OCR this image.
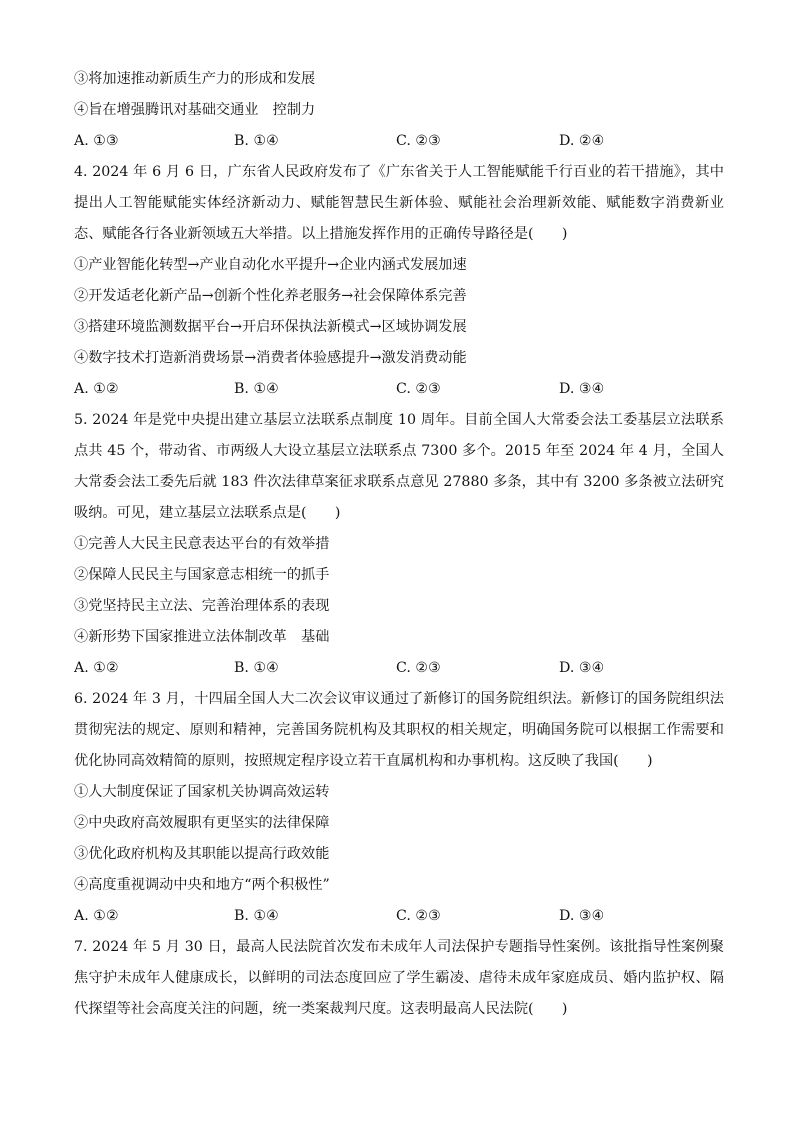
③将加速推动新质生产力的形成和发展
④旨在增强腾讯对基础交通业　控制力
A. ①③	B. ①④	C. ②③	D. ②④
4. 2024 年 6 月 6 日，广东省人民政府发布了《广东省关于人工智能赋能千行百业的若干措施》，其中提出人工智能赋能实体经济新动力、赋能智慧民生新体验、赋能社会治理新效能、赋能数字消费新业态、赋能各行各业新领域五大举措。以上措施发挥作用的正确传导路径是(　　)
①产业智能化转型→产业自动化水平提升→企业内涵式发展加速
②开发适老化新产品→创新个性化养老服务→社会保障体系完善
③搭建环境监测数据平台→开启环保执法新模式→区域协调发展
④数字技术打造新消费场景→消费者体验感提升→激发消费动能
A. ①②	B. ①④	C. ②③	D. ③④
5. 2024 年是党中央提出建立基层立法联系点制度 10 周年。目前全国人大常委会法工委基层立法联系点共 45 个，带动省、市两级人大设立基层立法联系点 7300 多个。2015 年至 2024 年 4 月，全国人大常委会法工委先后就 183 件次法律草案征求联系点意见 27880 多条，其中有 3200 多条被立法研究吸纳。可见，建立基层立法联系点是(　　)
①完善人大民主民意表达平台的有效举措
②保障人民民主与国家意志相统一的抓手
③党坚持民主立法、完善治理体系的表现
④新形势下国家推进立法体制改革　基础
A. ①②	B. ①④	C. ②③	D. ③④
6. 2024 年 3 月，十四届全国人大二次会议审议通过了新修订的国务院组织法。新修订的国务院组织法贯彻宪法的规定、原则和精神，完善国务院机构及其职权的相关规定，明确国务院可以根据工作需要和优化协同高效精简的原则，按照规定程序设立若干直属机构和办事机构。这反映了我国(　　)
①人大制度保证了国家机关协调高效运转
②中央政府高效履职有更坚实的法律保障
③优化政府机构及其职能以提高行政效能
④高度重视调动中央和地方“两个积极性”
A. ①②	B. ①④	C. ②③	D. ③④
7. 2024 年 5 月 30 日，最高人民法院首次发布未成年人司法保护专题指导性案例。该批指导性案例聚焦守护未成年人健康成长，以鲜明的司法态度回应了学生霸凌、虐待未成年家庭成员、婚内监护权、隔代探望等社会高度关注的问题，统一类案裁判尺度。这表明最高人民法院(　　)
